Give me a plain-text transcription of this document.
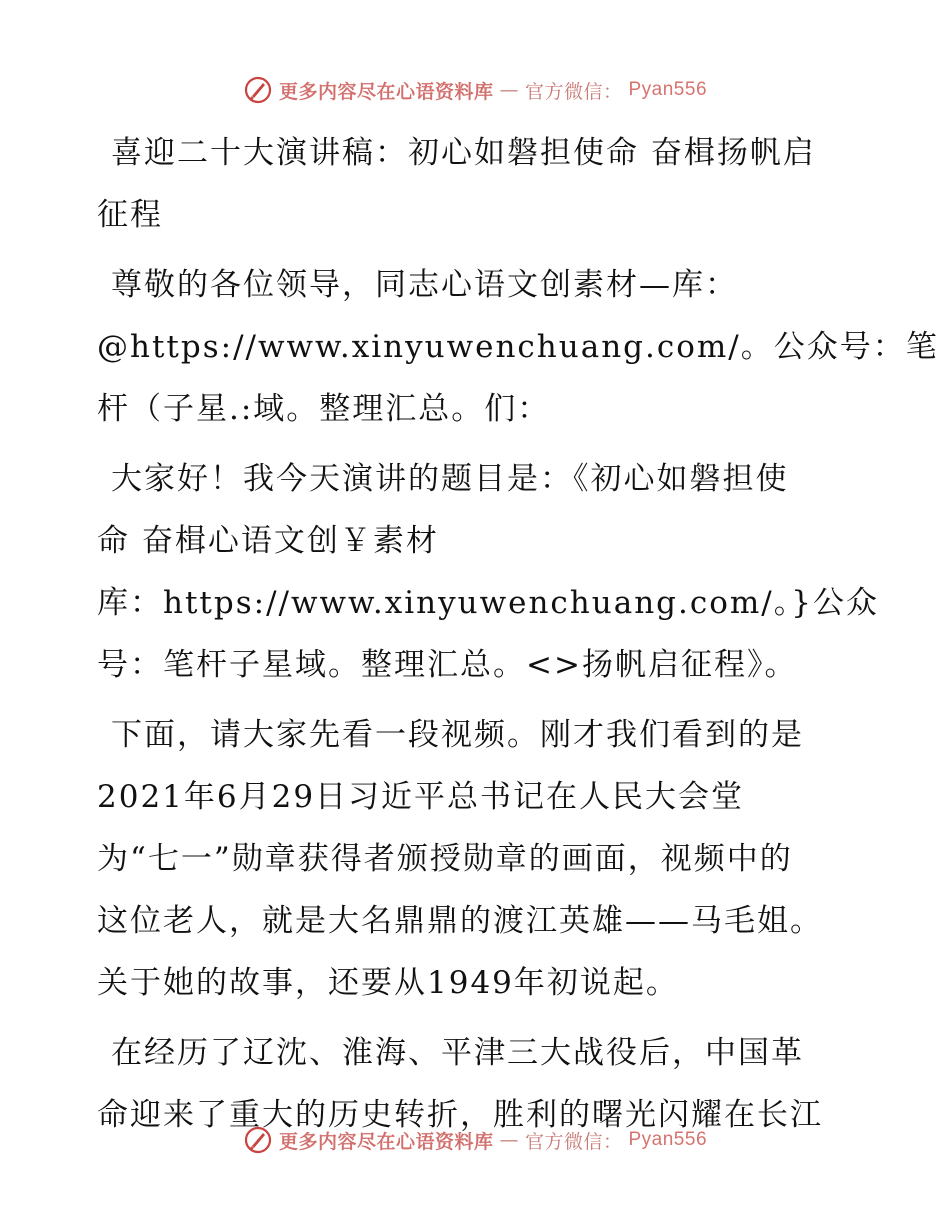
更多内容尽在心语资料库 — 官方微信： Pyan556
喜迎二十大演讲稿：初心如磐担使命 奋楫扬帆启
征程
尊敬的各位领导，同志心语文创素材—库：
@https://www.xinyuwenchuang.com/。公众号：笔
杆（子星.:域。整理汇总。们：
大家好！我今天演讲的题目是：《初心如磐担使
命 奋楫心语文创￥素材
库：https://www.xinyuwenchuang.com/。}公众
号：笔杆子星域。整理汇总。<>扬帆启征程》。
下面，请大家先看一段视频。刚才我们看到的是
2021年6月29日习近平总书记在人民大会堂
为“七一”勋章获得者颁授勋章的画面，视频中的
这位老人，就是大名鼎鼎的渡江英雄——马毛姐。
关于她的故事，还要从1949年初说起。
在经历了辽沈、淮海、平津三大战役后，中国革
命迎来了重大的历史转折，胜利的曙光闪耀在长江
更多内容尽在心语资料库 — 官方微信： Pyan556
